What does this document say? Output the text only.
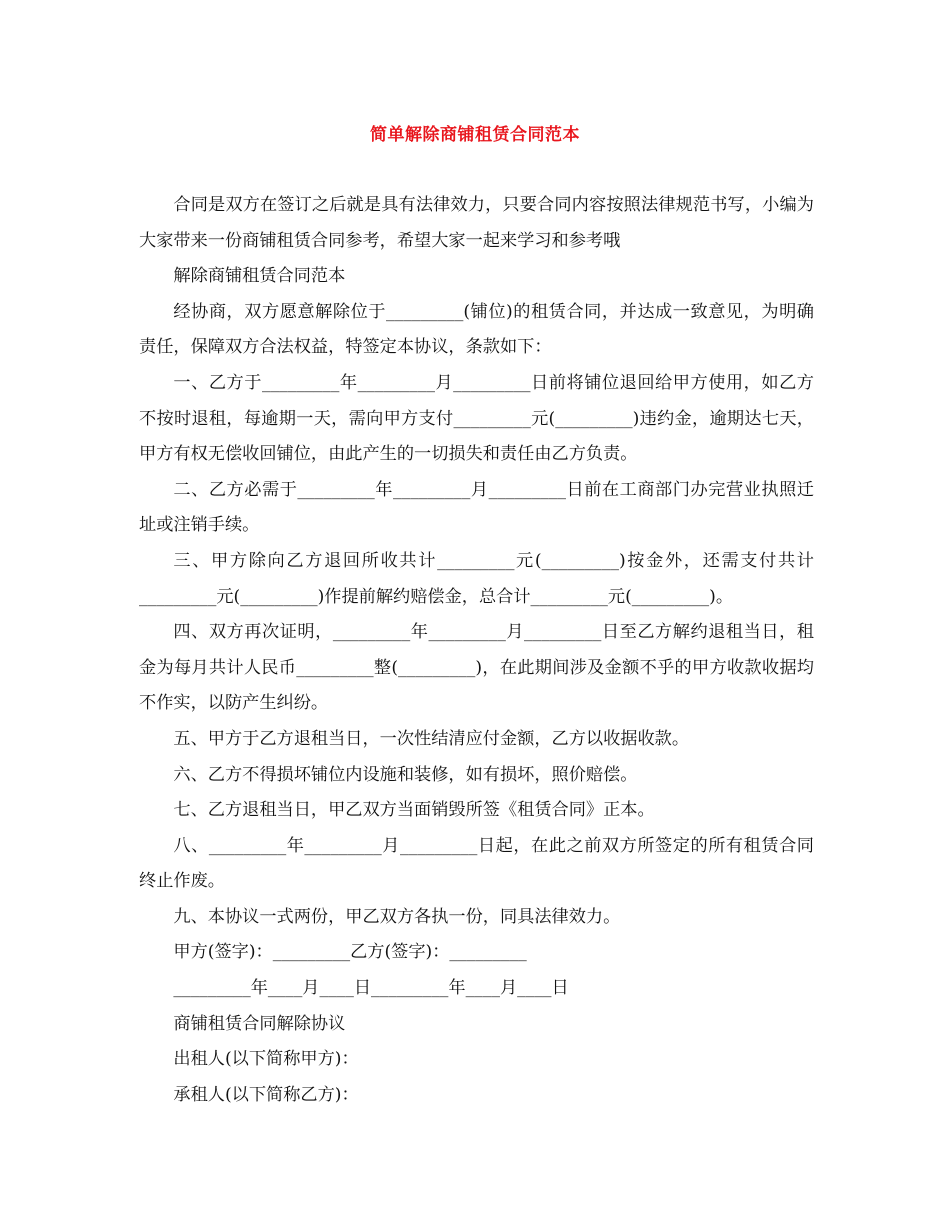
简单解除商铺租赁合同范本

合同是双方在签订之后就是具有法律效力，只要合同内容按照法律规范书写，小编为大家带来一份商铺租赁合同参考，希望大家一起来学习和参考哦

解除商铺租赁合同范本

经协商，双方愿意解除位于_________(铺位)的租赁合同，并达成一致意见，为明确责任，保障双方合法权益，特签定本协议，条款如下：

一、乙方于_________年_________月_________日前将铺位退回给甲方使用，如乙方不按时退租，每逾期一天，需向甲方支付_________元(_________)违约金，逾期达七天，甲方有权无偿收回铺位，由此产生的一切损失和责任由乙方负责。

二、乙方必需于_________年_________月_________日前在工商部门办完营业执照迁址或注销手续。

三、甲方除向乙方退回所收共计_________元(_________)按金外，还需支付共计_________元(_________)作提前解约赔偿金，总合计_________元(_________)。

四、双方再次证明，_________年_________月_________日至乙方解约退租当日，租金为每月共计人民币_________整(_________)，在此期间涉及金额不乎的甲方收款收据均不作实，以防产生纠纷。

五、甲方于乙方退租当日，一次性结清应付金额，乙方以收据收款。

六、乙方不得损坏铺位内设施和装修，如有损坏，照价赔偿。

七、乙方退租当日，甲乙双方当面销毁所签《租赁合同》正本。

八、_________年_________月_________日起，在此之前双方所签定的所有租赁合同终止作废。

九、本协议一式两份，甲乙双方各执一份，同具法律效力。

甲方(签字)：_________乙方(签字)：_________

_________年____月____日_________年____月____日

商铺租赁合同解除协议

出租人(以下简称甲方)：

承租人(以下简称乙方)：
